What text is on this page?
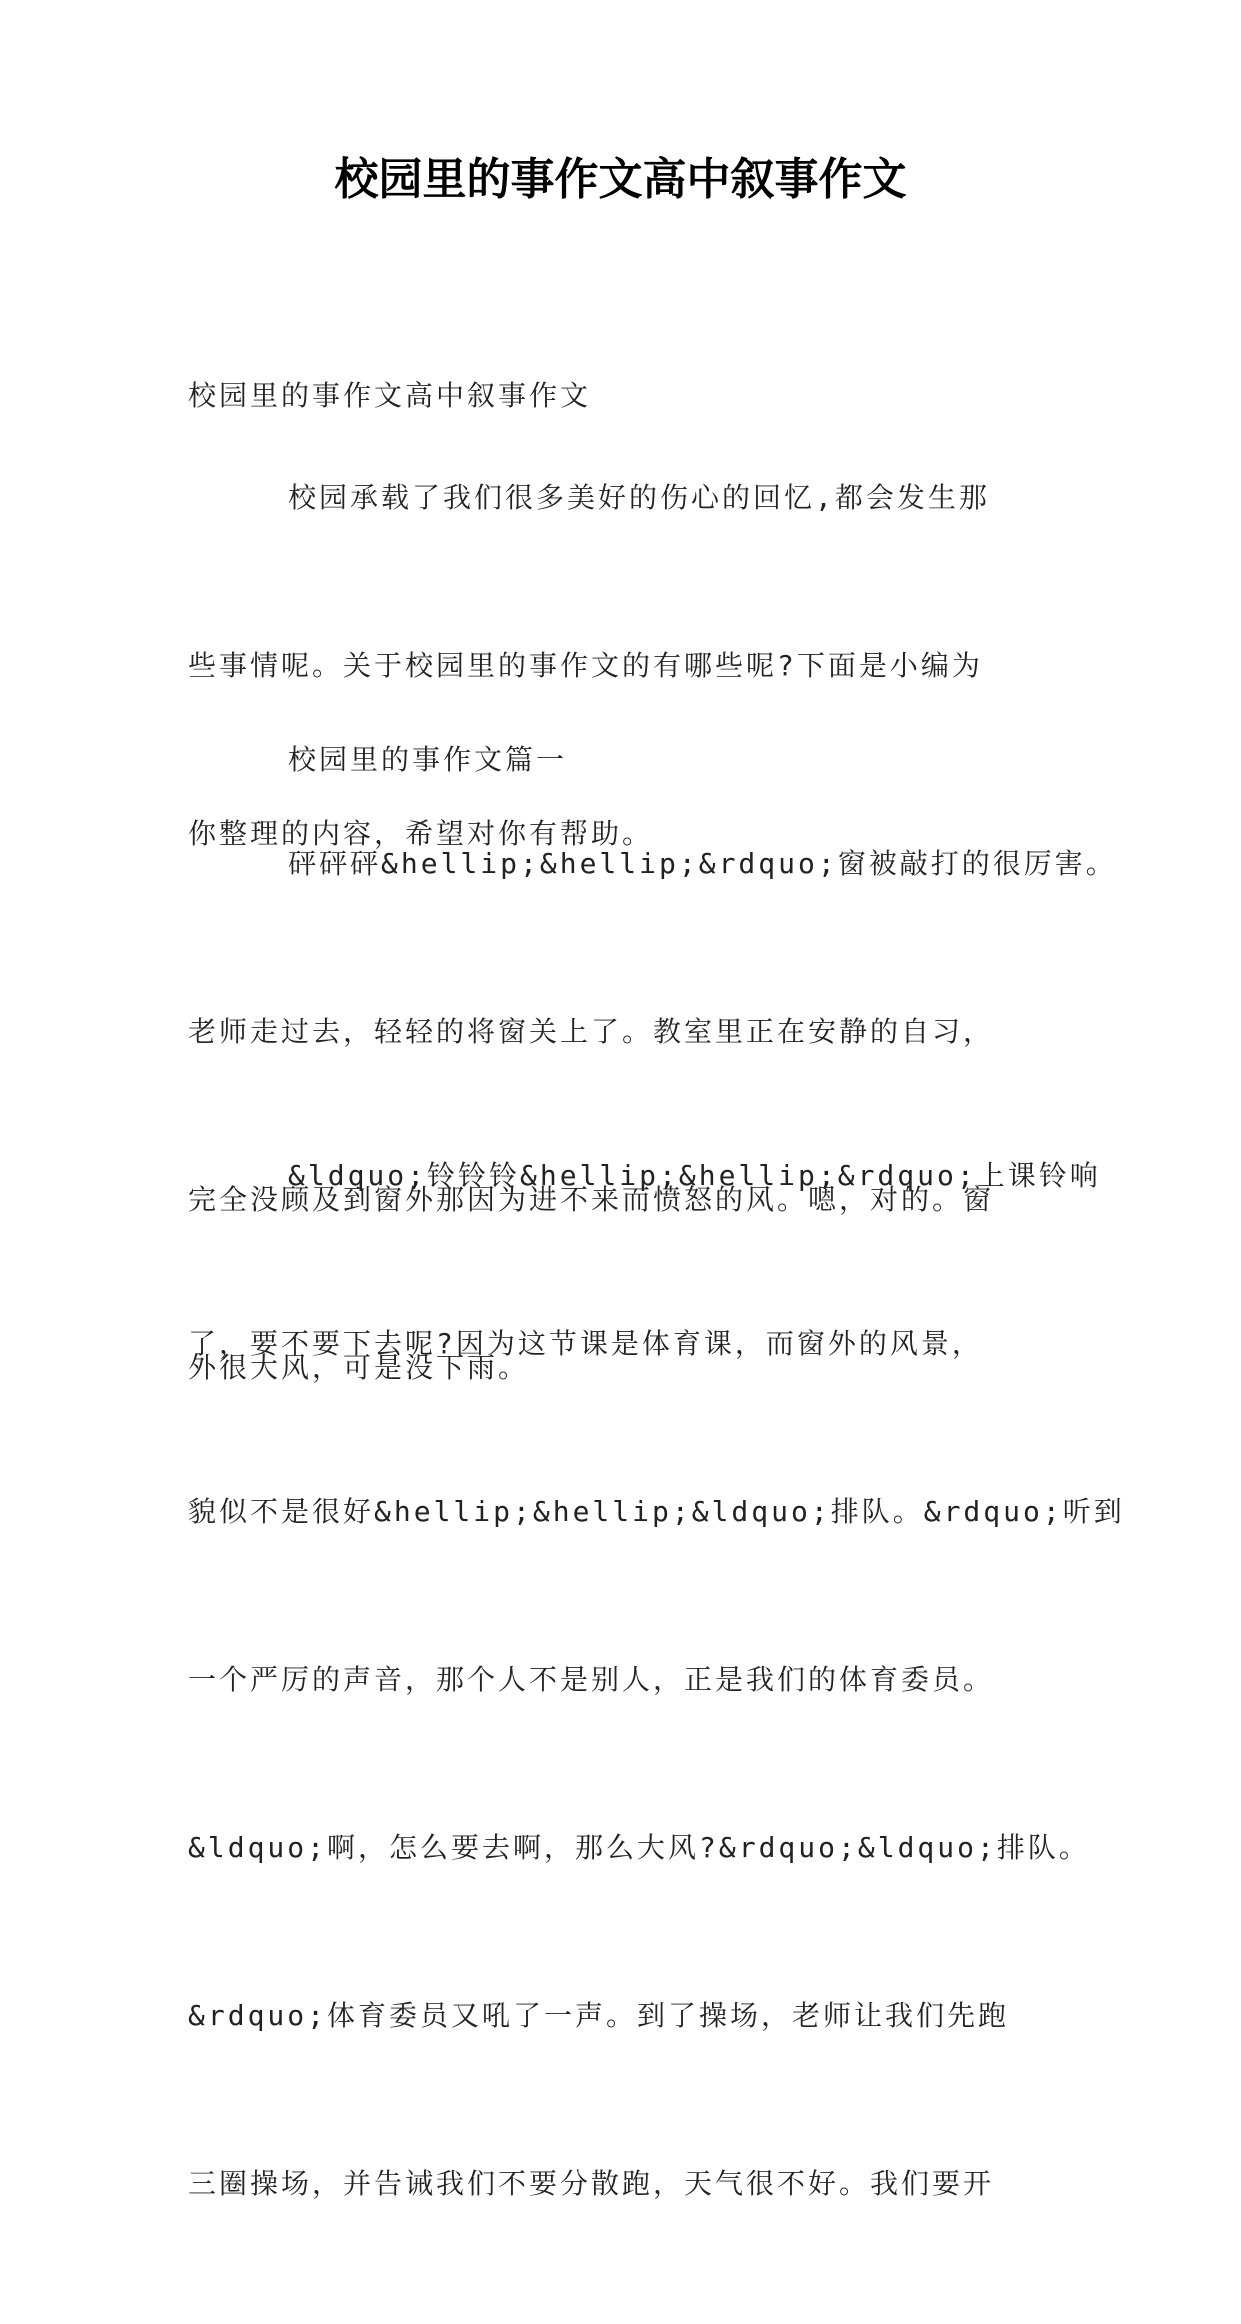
校园里的事作文高中叙事作文

校园里的事作文高中叙事作文

校园承载了我们很多美好的伤心的回忆,都会发生那

些事情呢。关于校园里的事作文的有哪些呢?下面是小编为

你整理的内容，希望对你有帮助。

校园里的事作文篇一

砰砰砰&hellip;&hellip;&rdquo;窗被敲打的很厉害。

老师走过去，轻轻的将窗关上了。教室里正在安静的自习，

完全没顾及到窗外那因为进不来而愤怒的风。嗯，对的。窗

外很大风，可是没下雨。

&ldquo;铃铃铃&hellip;&hellip;&rdquo;上课铃响

了，要不要下去呢?因为这节课是体育课，而窗外的风景，

貌似不是很好&hellip;&hellip;&ldquo;排队。&rdquo;听到

一个严厉的声音，那个人不是别人，正是我们的体育委员。

&ldquo;啊，怎么要去啊，那么大风?&rdquo;&ldquo;排队。

&rdquo;体育委员又吼了一声。到了操场，老师让我们先跑

三圈操场，并告诫我们不要分散跑，天气很不好。我们要开
